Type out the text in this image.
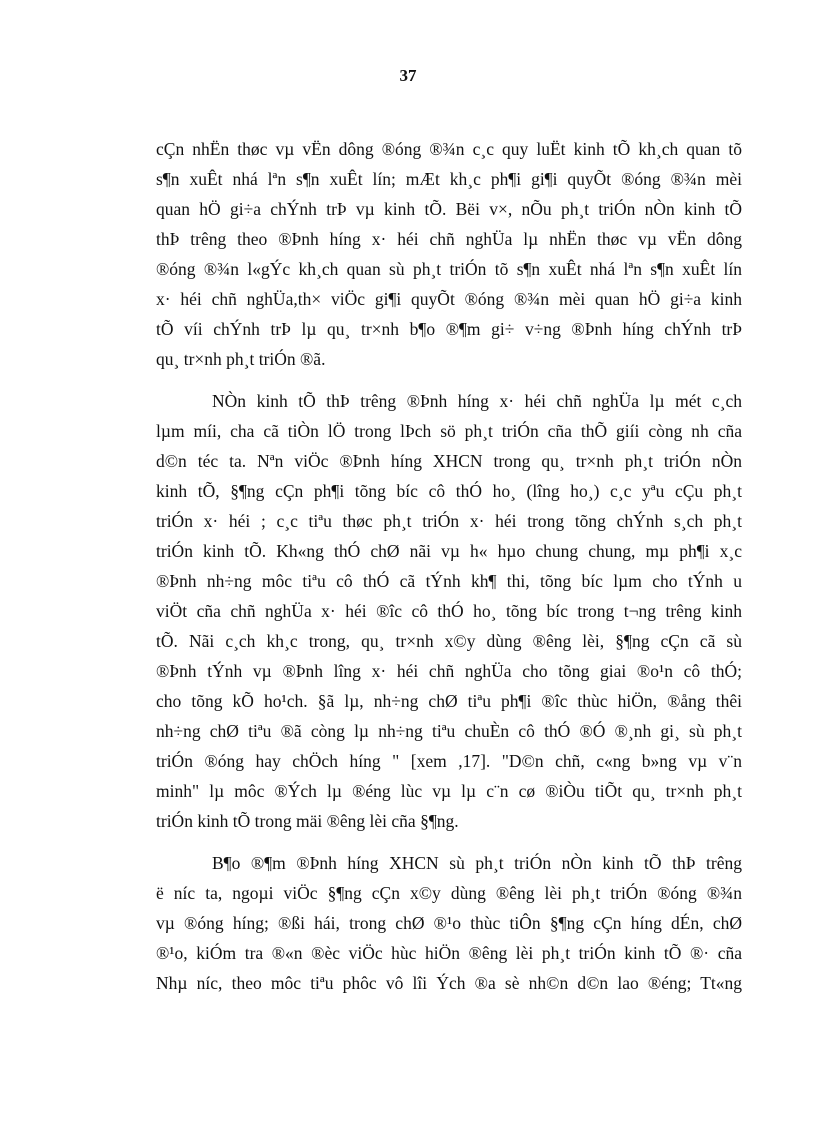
37
cÇn nhËn thøc vµ vËn dông ®óng ®¾n c¸c quy luËt kinh tÕ kh¸ch quan tõ
s¶n xuÊt nhá lªn s¶n xuÊt lín; mÆt kh¸c ph¶i gi¶i quyÕt ®óng ®¾n mèi
quan hÖ gi÷a chÝnh trÞ vµ kinh tÕ. Bëi v×, nÕu ph¸t triÓn nÒn kinh tÕ
thÞ trêng theo ®Þnh híng x· héi chñ nghÜa lµ nhËn thøc vµ vËn dông
®óng ®¾n l«gÝc kh¸ch quan sù ph¸t triÓn tõ s¶n xuÊt nhá lªn s¶n xuÊt lín
x· héi chñ nghÜa,th× viÖc gi¶i quyÕt ®óng ®¾n mèi quan hÖ gi÷a kinh
tÕ víi chÝnh trÞ lµ qu¸ tr×nh b¶o ®¶m gi÷ v÷ng ®Þnh híng chÝnh trÞ
qu¸ tr×nh ph¸t triÓn ®ã.
NÒn kinh tÕ thÞ trêng ®Þnh híng x· héi chñ nghÜa lµ mét c¸ch
lµm míi, cha cã tiÒn lÖ trong lÞch sö ph¸t triÓn cña thÕ giíi còng nh cña
d©n téc ta. Nªn viÖc ®Þnh híng XHCN trong qu¸ tr×nh ph¸t triÓn nÒn
kinh tÕ, §¶ng cÇn ph¶i tõng bíc cô thÓ ho¸ (lîng ho¸) c¸c yªu cÇu ph¸t
triÓn x· héi ; c¸c tiªu thøc ph¸t triÓn x· héi trong tõng chÝnh s¸ch ph¸t
triÓn kinh tÕ. Kh«ng thÓ chØ nãi vµ h« hµo chung chung, mµ ph¶i x¸c
®Þnh nh÷ng môc tiªu cô thÓ cã tÝnh kh¶ thi, tõng bíc lµm cho tÝnh u
viÖt cña chñ nghÜa x· héi ®îc cô thÓ ho¸ tõng bíc trong t¬ng trêng kinh
tÕ. Nãi c¸ch kh¸c trong, qu¸ tr×nh x©y dùng ®êng lèi, §¶ng cÇn cã sù
®Þnh tÝnh vµ ®Þnh lîng x· héi chñ nghÜa cho tõng giai ®o¹n cô thÓ;
cho tõng kÕ ho¹ch. §ã lµ, nh÷ng chØ tiªu ph¶i ®îc thùc hiÖn, ®ång thêi
nh÷ng chØ tiªu ®ã còng lµ nh÷ng tiªu chuÈn cô thÓ ®Ó ®¸nh gi¸ sù ph¸t
triÓn ®óng hay chÖch híng " [xem ,17]. "D©n chñ, c«ng b»ng vµ v¨n
minh" lµ môc ®Ých lµ ®éng lùc vµ lµ c¨n cø ®iÒu tiÕt qu¸ tr×nh ph¸t
triÓn kinh tÕ trong mäi ®êng lèi cña §¶ng.
B¶o ®¶m ®Þnh híng XHCN sù ph¸t triÓn nÒn kinh tÕ thÞ trêng
ë níc ta, ngoµi viÖc §¶ng cÇn x©y dùng ®êng lèi ph¸t triÓn ®óng ®¾n
vµ ®óng híng; ®ßi hái, trong chØ ®¹o thùc tiÔn §¶ng cÇn híng dÉn, chØ
®¹o, kiÓm tra ®«n ®èc viÖc hùc hiÖn ®êng lèi ph¸t triÓn kinh tÕ ®· cña
Nhµ níc, theo môc tiªu phôc vô lîi Ých ®a sè nh©n d©n lao ®éng; Tt«ng
